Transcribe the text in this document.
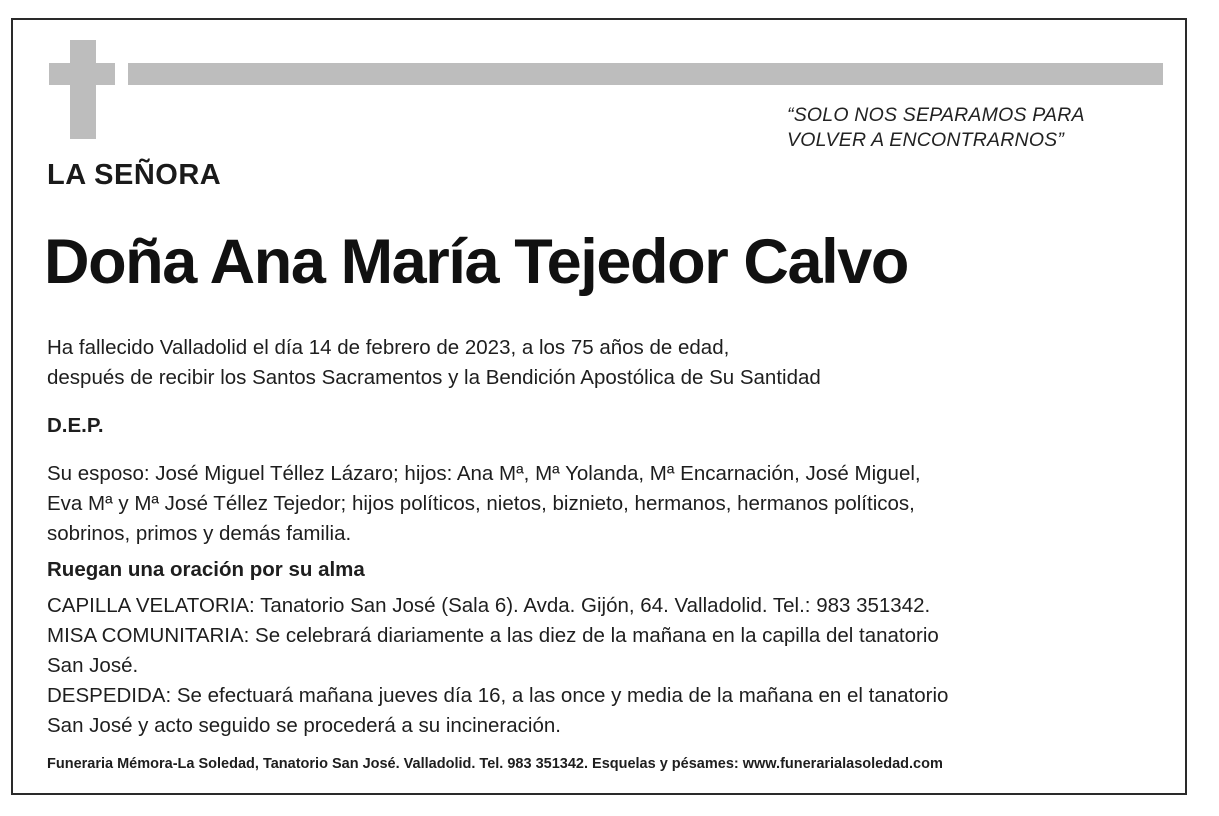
“SOLO NOS SEPARAMOS PARA
VOLVER A ENCONTRARNOS”
LA SEÑORA
Doña Ana María Tejedor Calvo
Ha fallecido Valladolid el día 14 de febrero de 2023, a los 75 años de edad,
después de recibir los Santos Sacramentos y la Bendición Apostólica de Su Santidad
D.E.P.
Su esposo: José Miguel Téllez Lázaro; hijos: Ana Mª, Mª Yolanda, Mª Encarnación, José Miguel,
Eva Mª y Mª José Téllez Tejedor; hijos políticos, nietos, biznieto, hermanos, hermanos políticos,
sobrinos, primos y demás familia.
Ruegan una oración por su alma
CAPILLA VELATORIA: Tanatorio San José (Sala 6). Avda. Gijón, 64. Valladolid. Tel.: 983 351342.
MISA COMUNITARIA: Se celebrará diariamente a las diez de la mañana en la capilla del tanatorio
San José.
DESPEDIDA: Se efectuará mañana jueves día 16, a las once y media de la mañana en el tanatorio
San José y acto seguido se procederá a su incineración.
Funeraria Mémora-La Soledad, Tanatorio San José. Valladolid. Tel. 983 351342. Esquelas y pésames: www.funerarialasoledad.com
